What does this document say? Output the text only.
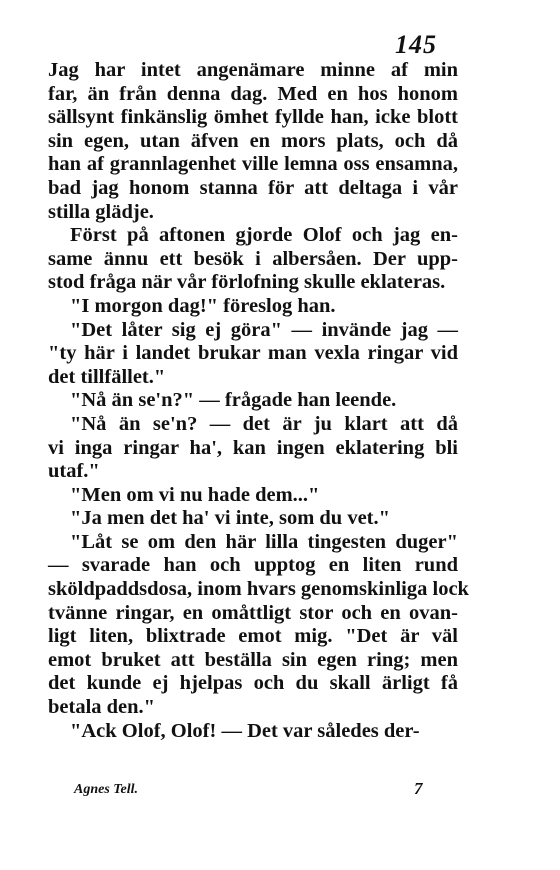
145
Jag har intet angenämare minne af min
far, än från denna dag. Med en hos honom
sällsynt finkänslig ömhet fyllde han, icke blott
sin egen, utan äfven en mors plats, och då
han af grannlagenhet ville lemna oss ensamna,
bad jag honom stanna för att deltaga i vår
stilla glädje.
Först på aftonen gjorde Olof och jag en-
same ännu ett besök i albersåen. Der upp-
stod fråga när vår förlofning skulle eklateras.
"I morgon dag!" föreslog han.
"Det låter sig ej göra" — invände jag —
"ty här i landet brukar man vexla ringar vid
det tillfället."
"Nå än se'n?" — frågade han leende.
"Nå än se'n? — det är ju klart att då
vi inga ringar ha', kan ingen eklatering bli
utaf."
"Men om vi nu hade dem..."
"Ja men det ha' vi inte, som du vet."
"Låt se om den här lilla tingesten duger"
— svarade han och upptog en liten rund
sköldpaddsdosa, inom hvars genomskinliga lock
tvänne ringar, en omåttligt stor och en ovan-
ligt liten, blixtrade emot mig. "Det är väl
emot bruket att beställa sin egen ring; men
det kunde ej hjelpas och du skall ärligt få
betala den."
"Ack Olof, Olof! — Det var således der-
Agnes Tell.	7
